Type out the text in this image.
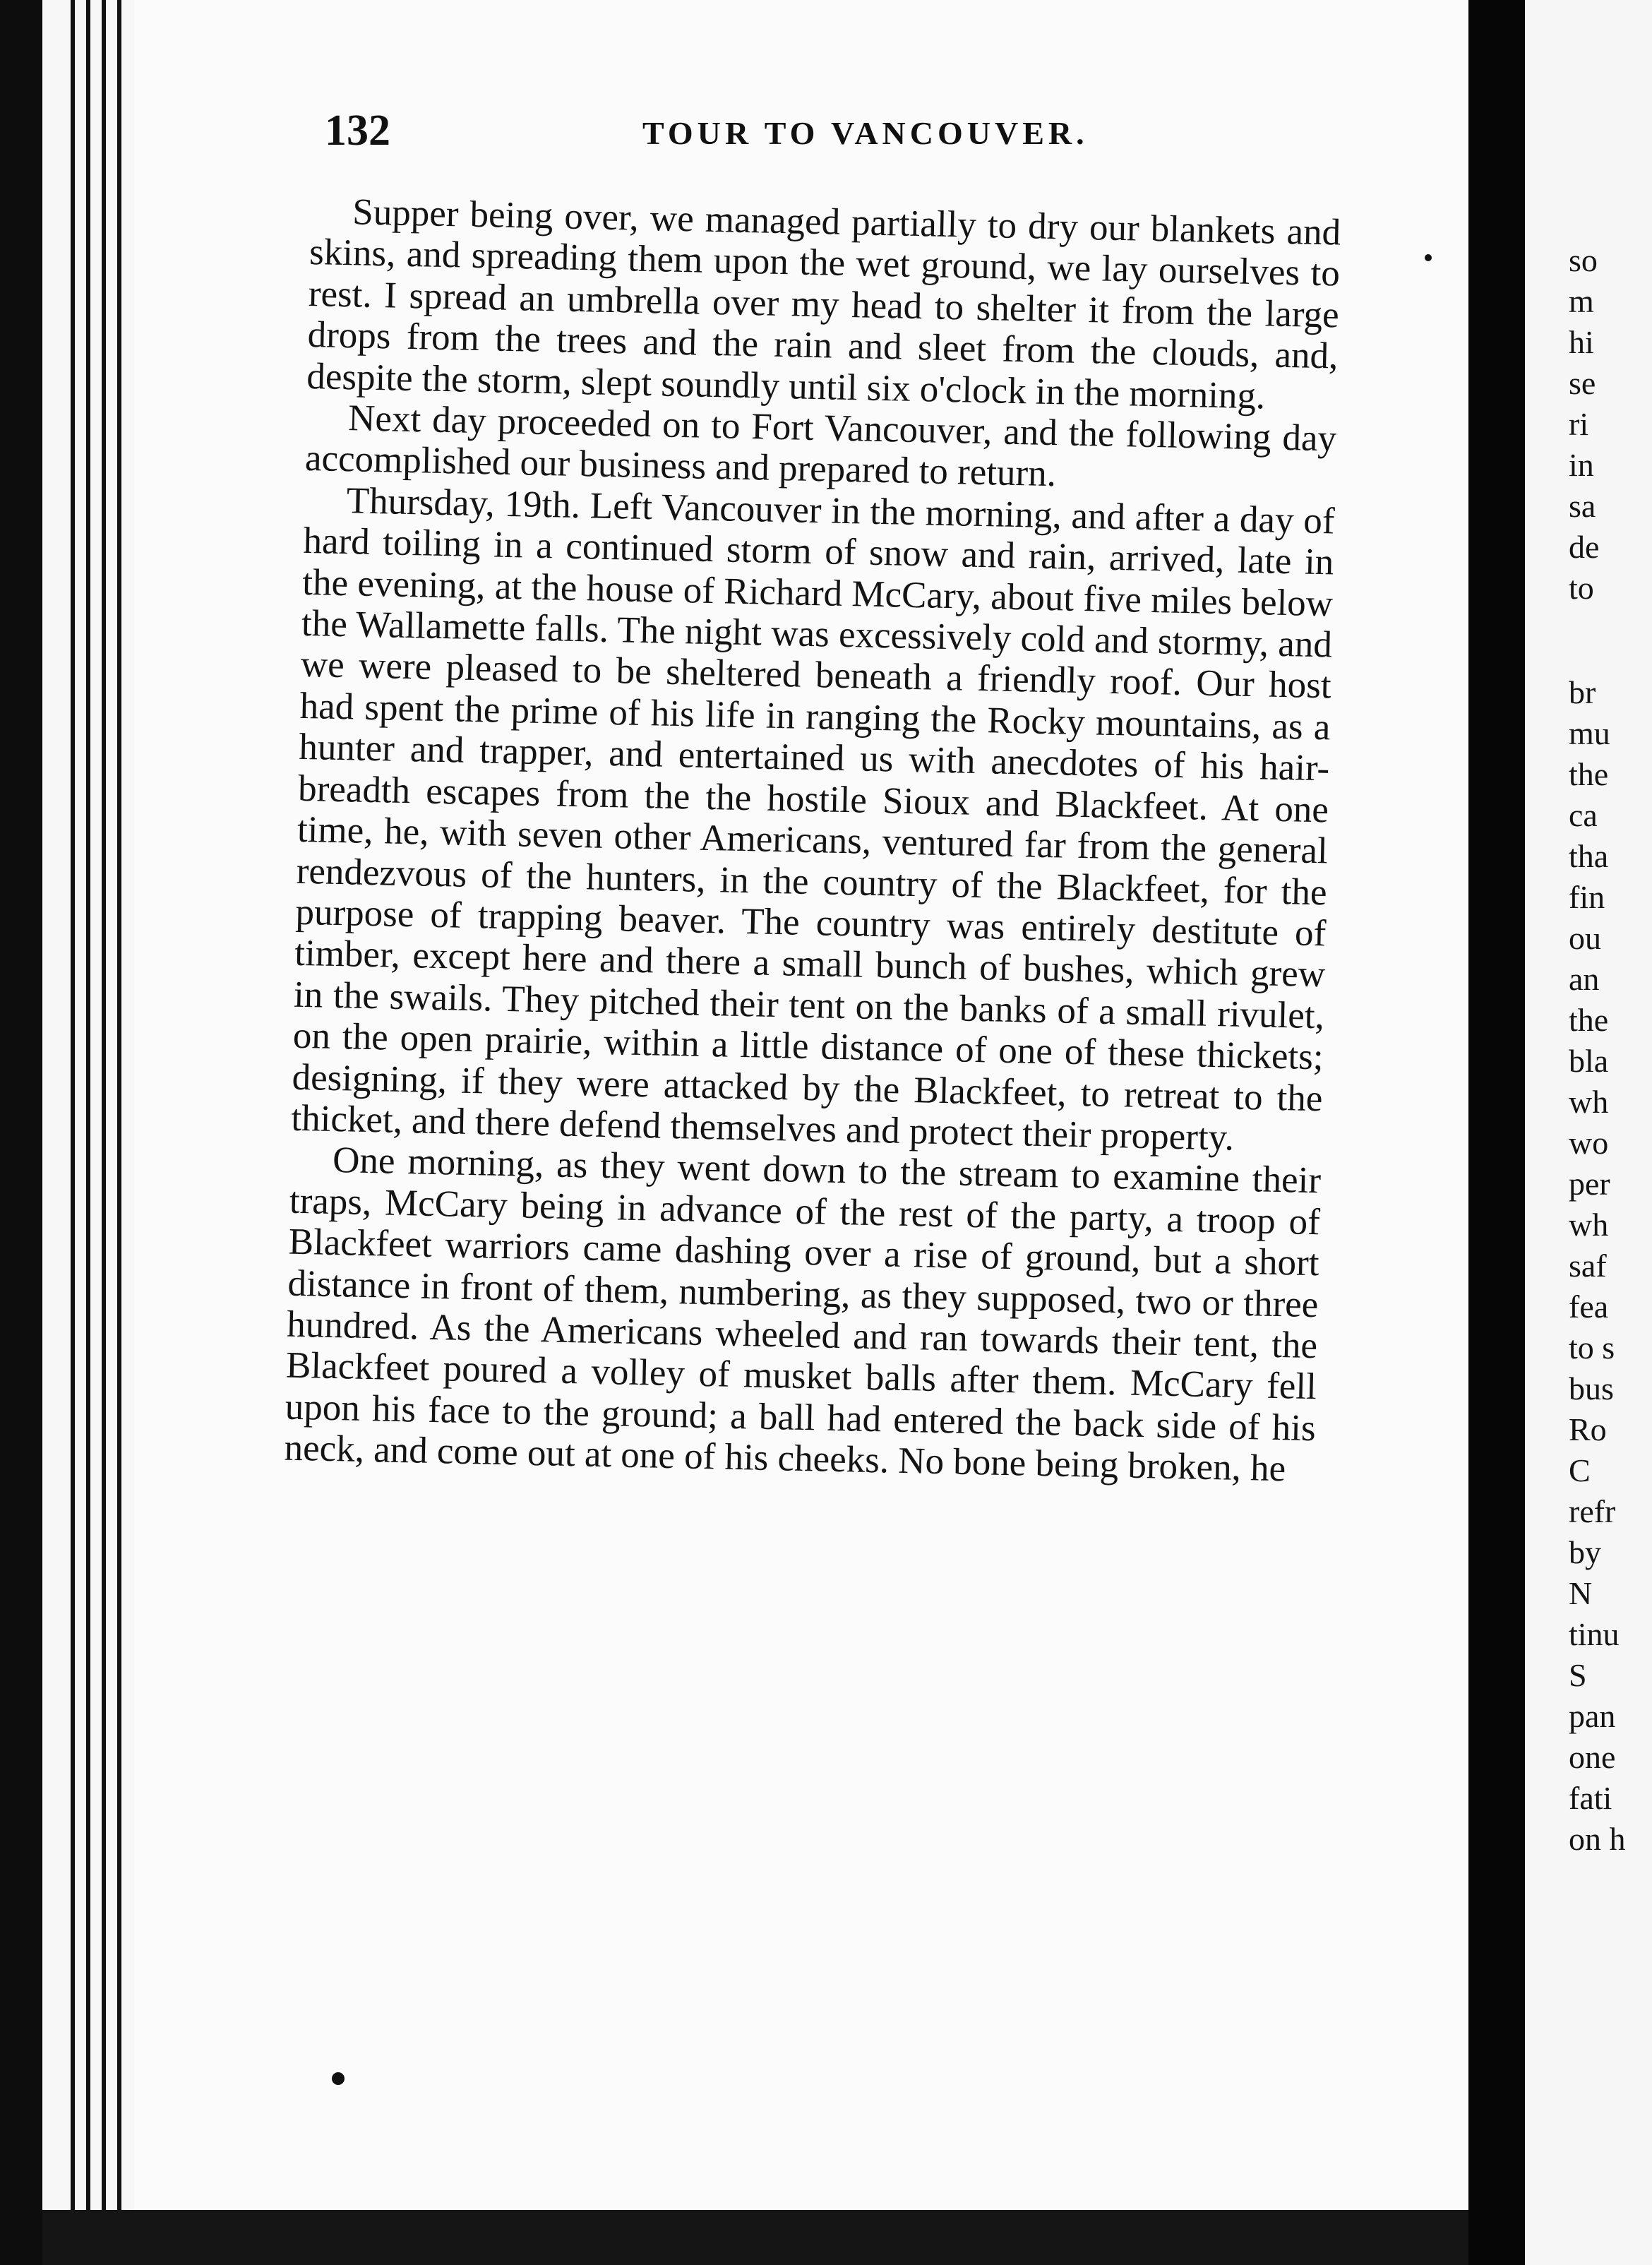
so
m
hi
se
ri
in
sa
de
to
br
mu
the
ca
tha
fin
ou
an
the
bla
wh
wo
per
wh
saf
fea
to s
bus
Ro
C
refr
by
N
tinu
S
pan
one
fati
on h
132	TOUR TO VANCOUVER.

Supper being over, we managed partially to dry our blankets and skins, and spreading them upon the wet ground, we lay ourselves to rest. I spread an umbrella over my head to shelter it from the large drops from the trees and the rain and sleet from the clouds, and, despite the storm, slept soundly until six o'clock in the morning.

Next day proceeded on to Fort Vancouver, and the following day accomplished our business and prepared to return.

Thursday, 19th. Left Vancouver in the morning, and after a day of hard toiling in a continued storm of snow and rain, arrived, late in the evening, at the house of Richard McCary, about five miles below the Wallamette falls. The night was excessively cold and stormy, and we were pleased to be sheltered beneath a friendly roof. Our host had spent the prime of his life in ranging the Rocky mountains, as a hunter and trapper, and entertained us with anecdotes of his hair-breadth escapes from the the hostile Sioux and Blackfeet. At one time, he, with seven other Americans, ventured far from the general rendezvous of the hunters, in the country of the Blackfeet, for the purpose of trapping beaver. The country was entirely destitute of timber, except here and there a small bunch of bushes, which grew in the swails. They pitched their tent on the banks of a small rivulet, on the open prairie, within a little distance of one of these thickets; designing, if they were attacked by the Blackfeet, to retreat to the thicket, and there defend themselves and protect their property.

One morning, as they went down to the stream to examine their traps, McCary being in advance of the rest of the party, a troop of Blackfeet warriors came dashing over a rise of ground, but a short distance in front of them, numbering, as they supposed, two or three hundred. As the Americans wheeled and ran towards their tent, the Blackfeet poured a volley of musket balls after them. McCary fell upon his face to the ground; a ball had entered the back side of his neck, and come out at one of his cheeks. No bone being broken, he
